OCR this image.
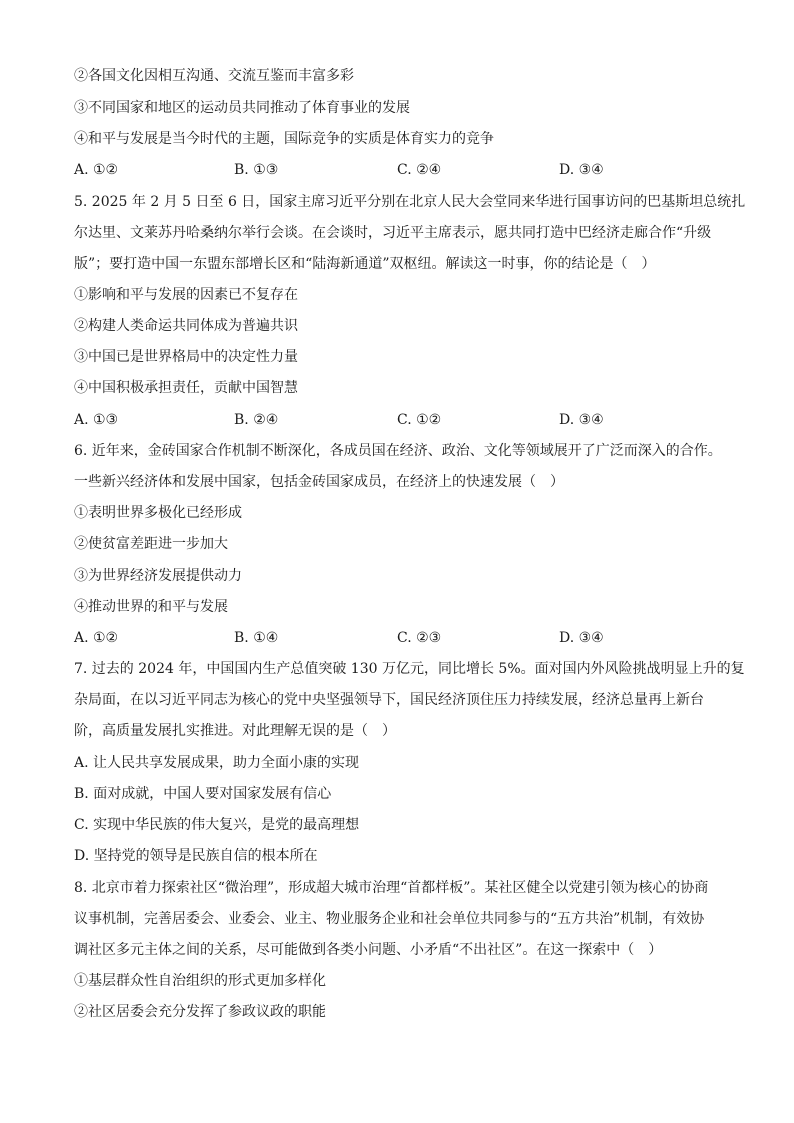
②各国文化因相互沟通、交流互鉴而丰富多彩
③不同国家和地区的运动员共同推动了体育事业的发展
④和平与发展是当今时代的主题，国际竞争的实质是体育实力的竞争
A. ①②	B. ①③	C. ②④	D. ③④
5. 2025 年 2 月 5 日至 6 日，国家主席习近平分别在北京人民大会堂同来华进行国事访问的巴基斯坦总统扎
尔达里、文莱苏丹哈桑纳尔举行会谈。在会谈时，习近平主席表示，愿共同打造中巴经济走廊合作“升级
版”；要打造中国一东盟东部增长区和“陆海新通道”双枢纽。解读这一时事，你的结论是（　）
①影响和平与发展的因素已不复存在
②构建人类命运共同体成为普遍共识
③中国已是世界格局中的决定性力量
④中国积极承担责任，贡献中国智慧
A. ①③	B. ②④	C. ①②	D. ③④
6. 近年来，金砖国家合作机制不断深化，各成员国在经济、政治、文化等领域展开了广泛而深入的合作。
一些新兴经济体和发展中国家，包括金砖国家成员，在经济上的快速发展（　）
①表明世界多极化已经形成
②使贫富差距进一步加大
③为世界经济发展提供动力
④推动世界的和平与发展
A. ①②	B. ①④	C. ②③	D. ③④
7. 过去的 2024 年，中国国内生产总值突破 130 万亿元，同比增长 5%。面对国内外风险挑战明显上升的复
杂局面，在以习近平同志为核心的党中央坚强领导下，国民经济顶住压力持续发展，经济总量再上新台
阶，高质量发展扎实推进。对此理解无误的是（　）
A. 让人民共享发展成果，助力全面小康的实现
B. 面对成就，中国人要对国家发展有信心
C. 实现中华民族的伟大复兴，是党的最高理想
D. 坚持党的领导是民族自信的根本所在
8. 北京市着力探索社区“微治理”，形成超大城市治理“首都样板”。某社区健全以党建引领为核心的协商
议事机制，完善居委会、业委会、业主、物业服务企业和社会单位共同参与的“五方共治”机制，有效协
调社区多元主体之间的关系，尽可能做到各类小问题、小矛盾“不出社区”。在这一探索中（　）
①基层群众性自治组织的形式更加多样化
②社区居委会充分发挥了参政议政的职能
